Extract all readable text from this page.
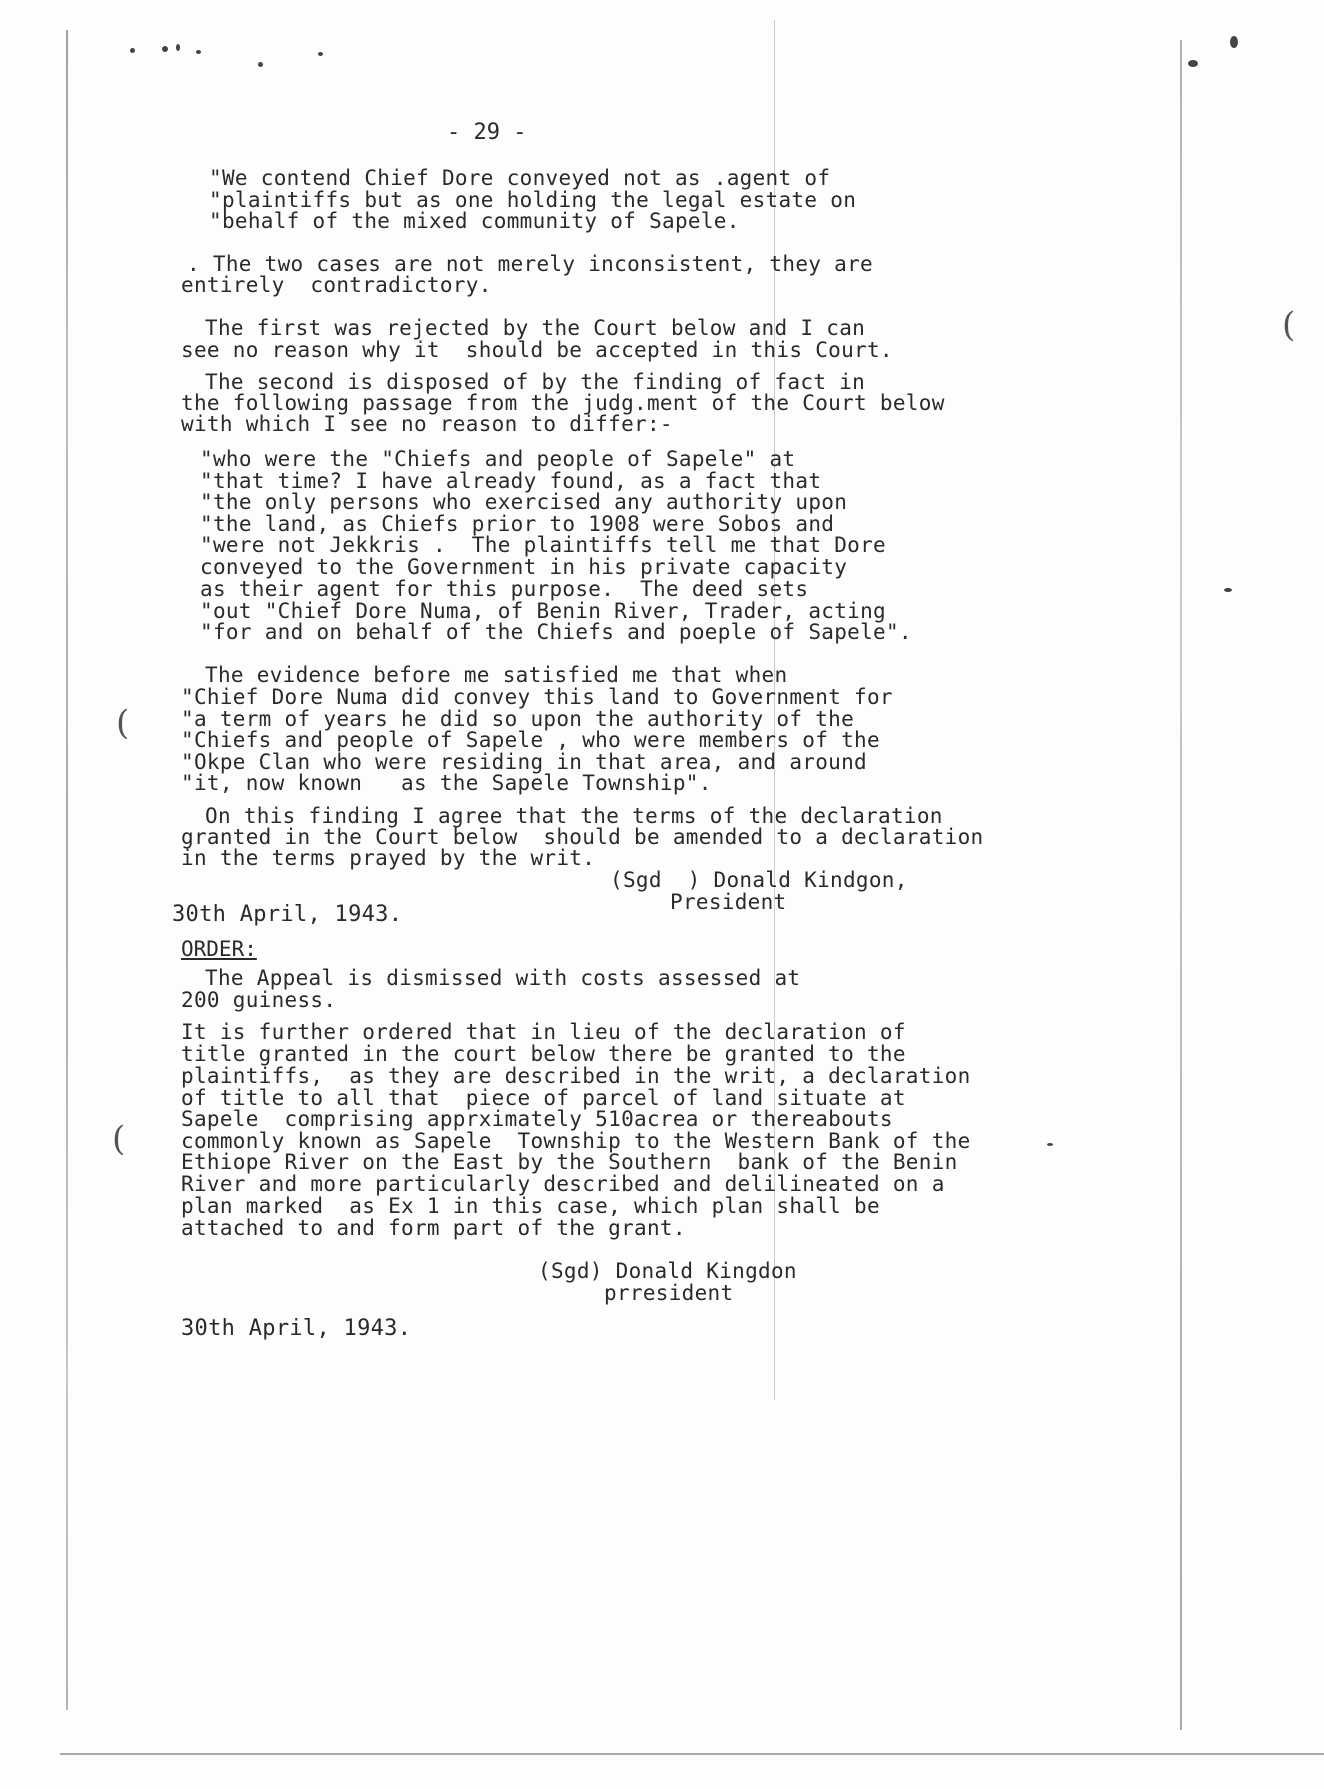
(
(
(
- 29 -
"We contend Chief Dore conveyed not as .agent of
"plaintiffs but as one holding the legal estate on
"behalf of the mixed community of Sapele.
. The two cases are not merely inconsistent, they are
entirely  contradictory.
The first was rejected by the Court below and I can
see no reason why it  should be accepted in this Court.
The second is disposed of by the finding of fact in
the following passage from the judg.ment of the Court below
with which I see no reason to differ:-
"who were the "Chiefs and people of Sapele" at
"that time? I have already found, as a fact that
"the only persons who exercised any authority upon
"the land, as Chiefs prior to 1908 were Sobos and
"were not Jekkris .  The plaintiffs tell me that Dore
conveyed to the Government in his private capacity
as their agent for this purpose.  The deed sets
"out "Chief Dore Numa, of Benin River, Trader, acting
"for and on behalf of the Chiefs and poeple of Sapele".
The evidence before me satisfied me that when
"Chief Dore Numa did convey this land to Government for
"a term of years he did so upon the authority of the
"Chiefs and people of Sapele , who were members of the
"Okpe Clan who were residing in that area, and around
"it, now known   as the Sapele Township".
On this finding I agree that the terms of the declaration
granted in the Court below  should be amended to a declaration
in the terms prayed by the writ.
(Sgd  ) Donald Kindgon,
President
30th April, 1943.
ORDER:
The Appeal is dismissed with costs assessed at
200 guiness.
It is further ordered that in lieu of the declaration of
title granted in the court below there be granted to the
plaintiffs,  as they are described in the writ, a declaration
of title to all that  piece of parcel of land situate at
Sapele  comprising apprximately 510acrea or thereabouts
commonly known as Sapele  Township to the Western Bank of the
Ethiope River on the East by the Southern  bank of the Benin
River and more particularly described and delilineated on a
plan marked  as Ex 1 in this case, which plan shall be
attached to and form part of the grant.
(Sgd) Donald Kingdon
prresident
30th April, 1943.
